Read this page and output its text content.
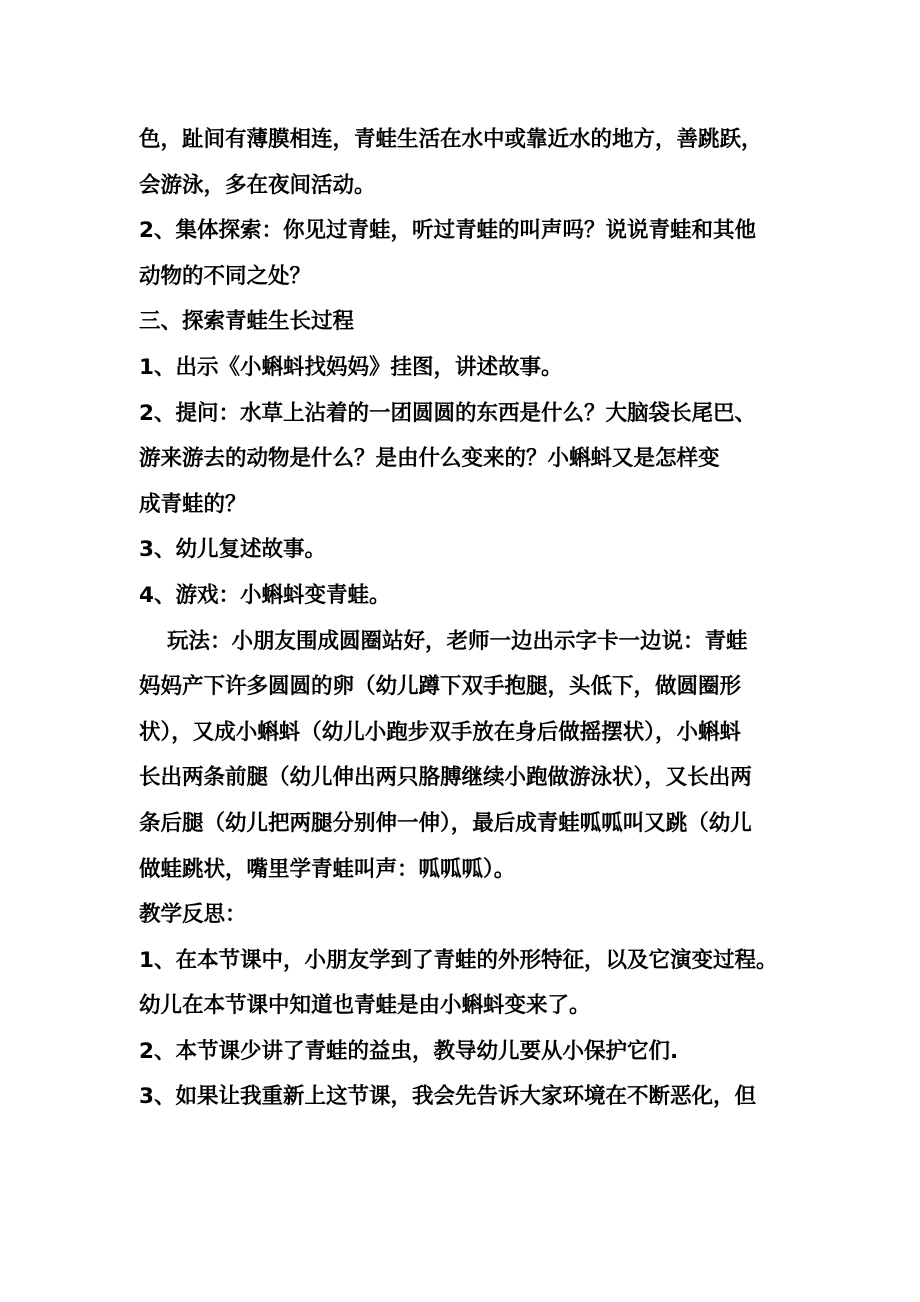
色，趾间有薄膜相连，青蛙生活在水中或靠近水的地方，善跳跃，
会游泳，多在夜间活动。
2、集体探索：你见过青蛙，听过青蛙的叫声吗？说说青蛙和其他
动物的不同之处？
三、探索青蛙生长过程
1、出示《小蝌蚪找妈妈》挂图，讲述故事。
2、提问：水草上沾着的一团圆圆的东西是什么？大脑袋长尾巴、
游来游去的动物是什么？是由什么变来的？小蝌蚪又是怎样变
成青蛙的？
3、幼儿复述故事。
4、游戏：小蝌蚪变青蛙。
玩法：小朋友围成圆圈站好，老师一边出示字卡一边说：青蛙
妈妈产下许多圆圆的卵（幼儿蹲下双手抱腿，头低下，做圆圈形
状），又成小蝌蚪（幼儿小跑步双手放在身后做摇摆状），小蝌蚪
长出两条前腿（幼儿伸出两只胳膊继续小跑做游泳状），又长出两
条后腿（幼儿把两腿分别伸一伸），最后成青蛙呱呱叫又跳（幼儿
做蛙跳状，嘴里学青蛙叫声：呱呱呱）。
教学反思：
1、在本节课中，小朋友学到了青蛙的外形特征，以及它演变过程。
幼儿在本节课中知道也青蛙是由小蝌蚪变来了。
2、本节课少讲了青蛙的益虫，教导幼儿要从小保护它们.
3、如果让我重新上这节课，我会先告诉大家环境在不断恶化，但
